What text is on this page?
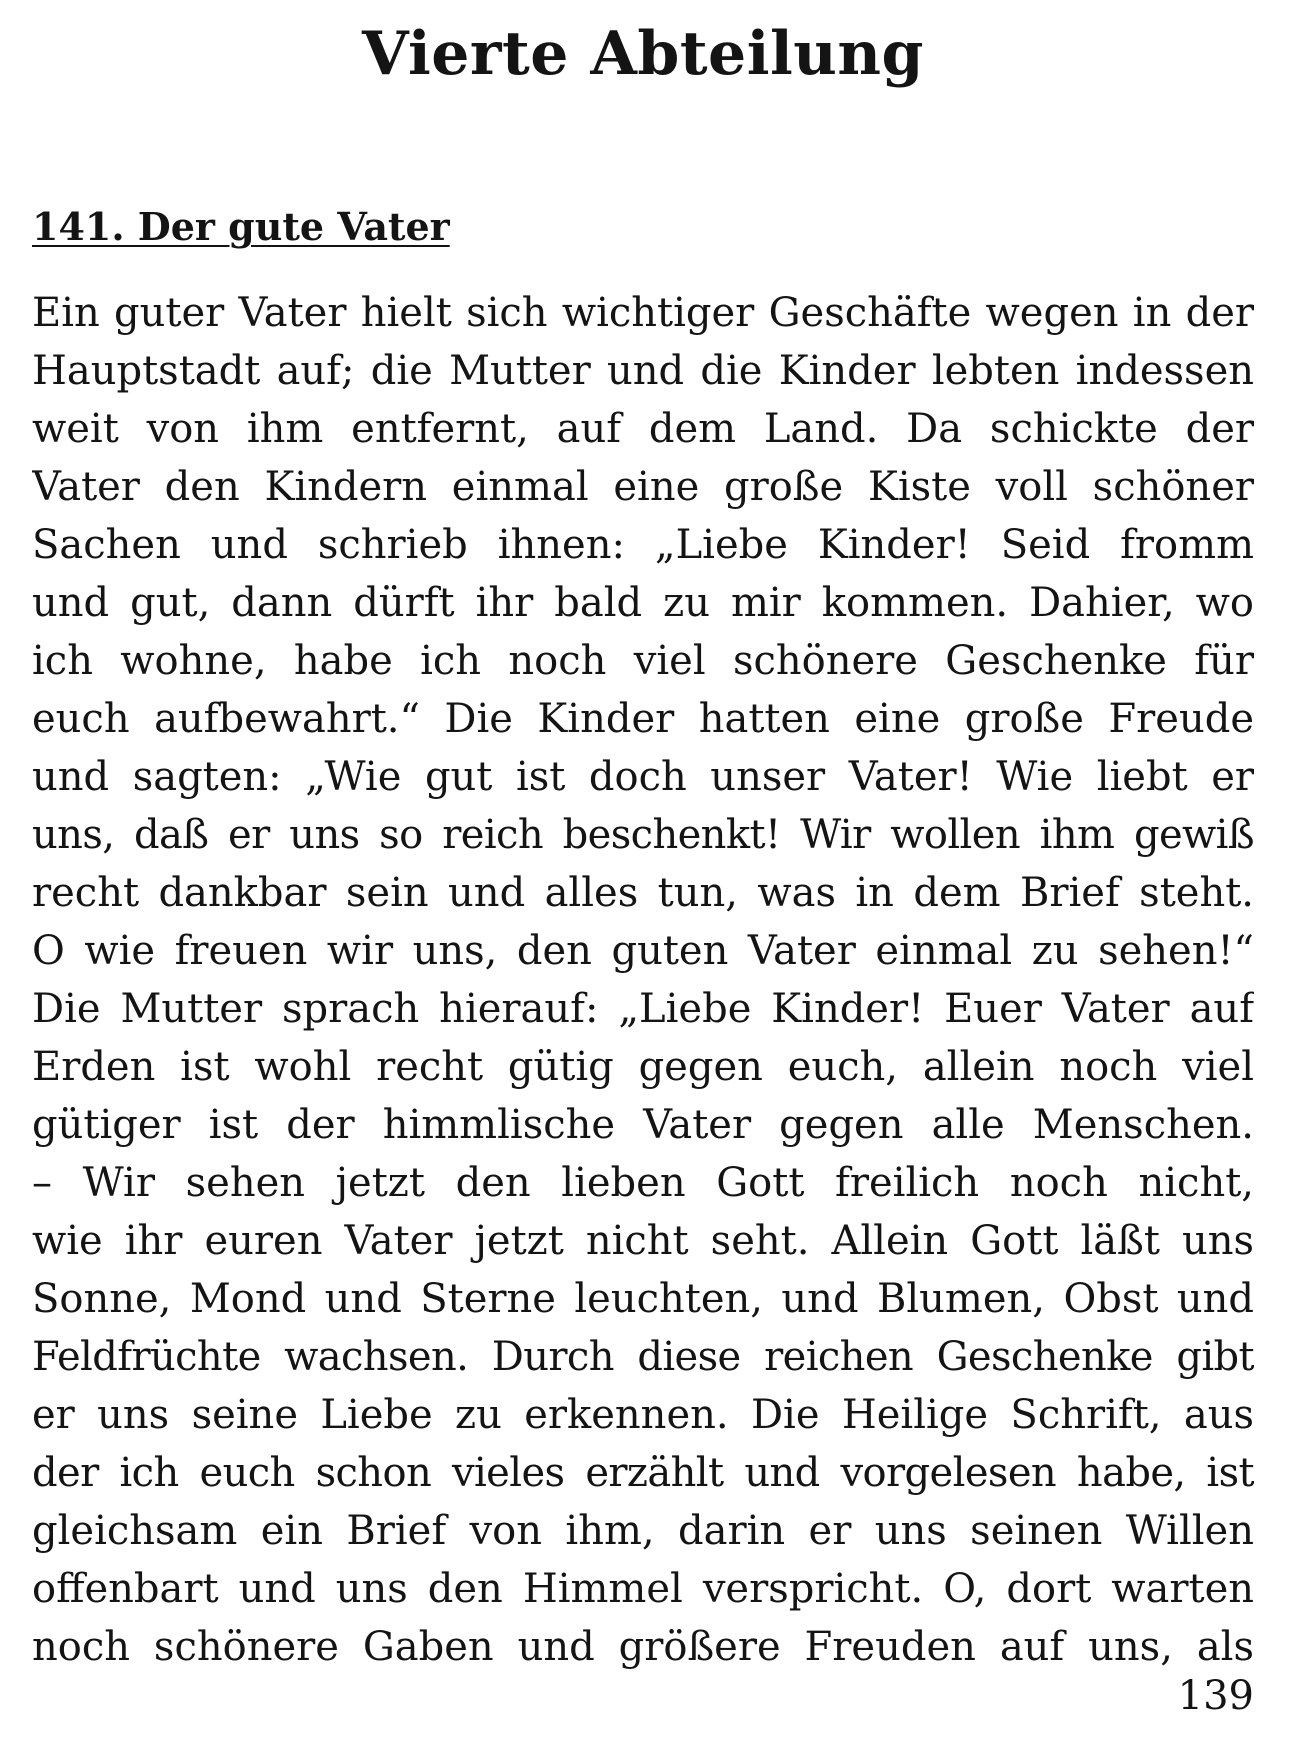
Vierte Abteilung
141. Der gute Vater

Ein guter Vater hielt sich wichtiger Geschäfte wegen in der
Hauptstadt auf; die Mutter und die Kinder lebten indessen
weit von ihm entfernt, auf dem Land. Da schickte der
Vater den Kindern einmal eine große Kiste voll schöner
Sachen und schrieb ihnen: „Liebe Kinder! Seid fromm
und gut, dann dürft ihr bald zu mir kommen. Dahier, wo
ich wohne, habe ich noch viel schönere Geschenke für
euch aufbewahrt.“ Die Kinder hatten eine große Freude
und sagten: „Wie gut ist doch unser Vater! Wie liebt er
uns, daß er uns so reich beschenkt! Wir wollen ihm gewiß
recht dankbar sein und alles tun, was in dem Brief steht.
O wie freuen wir uns, den guten Vater einmal zu sehen!“
Die Mutter sprach hierauf: „Liebe Kinder! Euer Vater auf
Erden ist wohl recht gütig gegen euch, allein noch viel
gütiger ist der himmlische Vater gegen alle Menschen.
– Wir sehen jetzt den lieben Gott freilich noch nicht,
wie ihr euren Vater jetzt nicht seht. Allein Gott läßt uns
Sonne, Mond und Sterne leuchten, und Blumen, Obst und
Feldfrüchte wachsen. Durch diese reichen Geschenke gibt
er uns seine Liebe zu erkennen. Die Heilige Schrift, aus
der ich euch schon vieles erzählt und vorgelesen habe, ist
gleichsam ein Brief von ihm, darin er uns seinen Willen
offenbart und uns den Himmel verspricht. O, dort warten
noch schönere Gaben und größere Freuden auf uns, als

139
